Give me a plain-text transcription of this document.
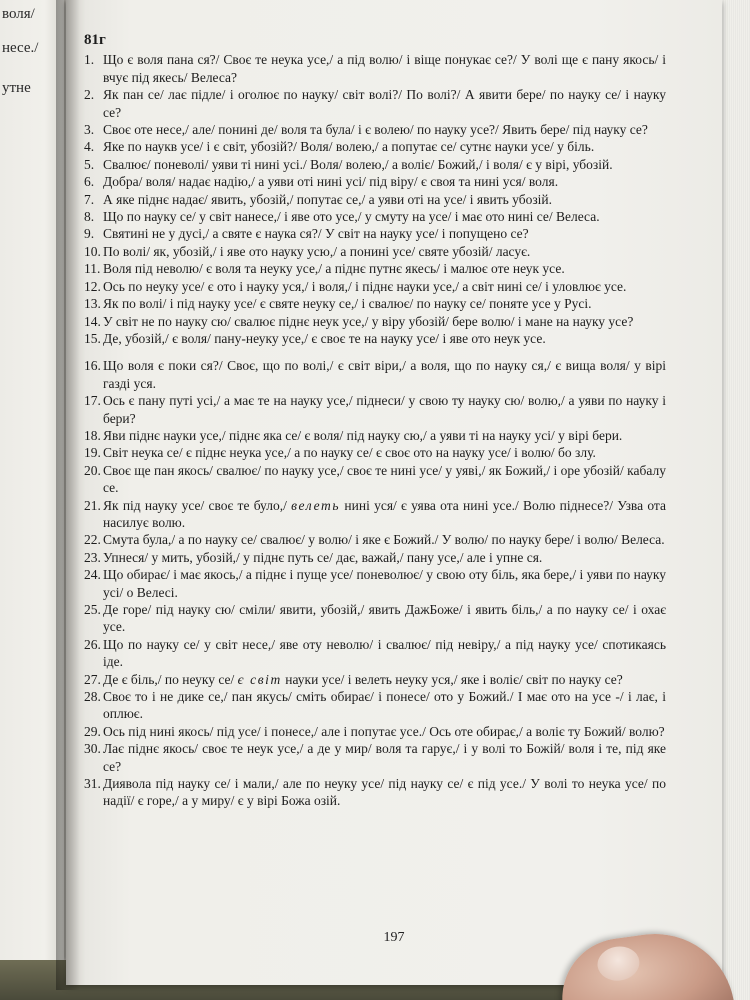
воля/
несе./
утне
81г
1. Що є воля пана ся?/ Своє те неука усе,/ а під волю/ і віще понукає се?/ У волі ще є пану якось/ і вчує під якесь/ Велеса?
2. Як пан се/ лає підле/ і оголює по науку/ світ волі?/ По волі?/ А явити бере/ по науку се/ і науку се?
3. Своє оте несе,/ але/ понині де/ воля та була/ і є волею/ по науку усе?/ Явить бере/ під науку се?
4. Яке по наукв усе/ і є світ, убозій?/ Воля/ волею,/ а попутає се/ сутнє науки усе/ у біль.
5. Свалює/ поневолі/ уяви ті нині усі./ Воля/ волею,/ а воліє/ Божий,/ і воля/ є у вірі, убозій.
6. Добра/ воля/ надає надію,/ а уяви оті нині усі/ під віру/ є своя та нині уся/ воля.
7. А яке піднє надає/ явить, убозій,/ попутає се,/ а уяви оті на усе/ і явить убозій.
8. Що по науку се/ у світ нанесе,/ і яве ото усе,/ у смуту на усе/ і має ото нині се/ Велеса.
9. Святині не у дусі,/ а святе є наука ся?/ У світ на науку усе/ і попущено се?
10. По волі/ як, убозій,/ і яве ото науку усю,/ а понині усе/ святе убозій/ ласує.
11. Воля під неволю/ є воля та неуку усе,/ а піднє путнє якесь/ і малює оте неук усе.
12. Ось по неуку усе/ є ото і науку уся,/ і воля,/ і піднє науки усе,/ а світ нині се/ і уловлює усе.
13. Як по волі/ і під науку усе/ є святе неуку се,/ і свалює/ по науку се/ поняте усе у Русі.
14. У світ не по науку сю/ свалює піднє неук усе,/ у віру убозій/ бере волю/ і мане на науку усе?
15. Де, убозій,/ є воля/ пану-неуку усе,/ є своє те на науку усе/ і яве ото неук усе.
16. Що воля є поки ся?/ Своє, що по волі,/ є світ віри,/ а воля, що по науку ся,/ є вища воля/ у вірі газді уся.
17. Ось є пану путі усі,/ а має те на науку усе,/ піднеси/ у свою ту науку сю/ волю,/ а уяви по науку і бери?
18. Яви піднє науки усе,/ піднє яка се/ є воля/ під науку сю,/ а уяви ті на науку усі/ у вірі бери.
19. Світ неука се/ є піднє неука усе,/ а по науку се/ є своє ото на науку усе/ і волю/ бо злу.
20. Своє ще пан якось/ свалює/ по науку усе,/ своє те нині усе/ у уяві,/ як Божий,/ і оре убозій/ кабалу се.
21. Як під науку усе/ своє те було,/ велеть нині уся/ є уява ота нині усе./ Волю піднесе?/ Узва ота насилує волю.
22. Смута була,/ а по науку се/ свалює/ у волю/ і яке є Божий./ У волю/ по науку бере/ і волю/ Велеса.
23. Упнеся/ у мить, убозій,/ у піднє путь се/ дає, важай,/ пану усе,/ але і упне ся.
24. Що обирає/ і має якось,/ а піднє і пуще усе/ поневолює/ у свою оту біль, яка бере,/ і уяви по науку усі/ о Велесі.
25. Де горе/ під науку сю/ сміли/ явити, убозій,/ явить ДажБоже/ і явить біль,/ а по науку се/ і охає усе.
26. Що по науку се/ у світ несе,/ яве оту неволю/ і свалює/ під невіру,/ а під науку усе/ спотикаясь іде.
27. Де є біль,/ по неуку се/ є світ науки усе/ і велеть неуку уся,/ яке і воліє/ світ по науку се?
28. Своє то і не дике се,/ пан якусь/ сміть обирає/ і понесе/ ото у Божий./ І має ото на усе -/ і лає, і оплює.
29. Ось під нині якось/ під усе/ і понесе,/ але і попутає усе./ Ось оте обирає,/ а воліє ту Божий/ волю?
30. Лає піднє якось/ своє те неук усе,/ а де у мир/ воля та гарує,/ і у волі то Божій/ воля і те, під яке се?
31. Диявола під науку се/ і мали,/ але по неуку усе/ під науку се/ є під усе./ У волі то неука усе/ по надії/ є горе,/ а у миру/ є у вірі Божа озій.
197
